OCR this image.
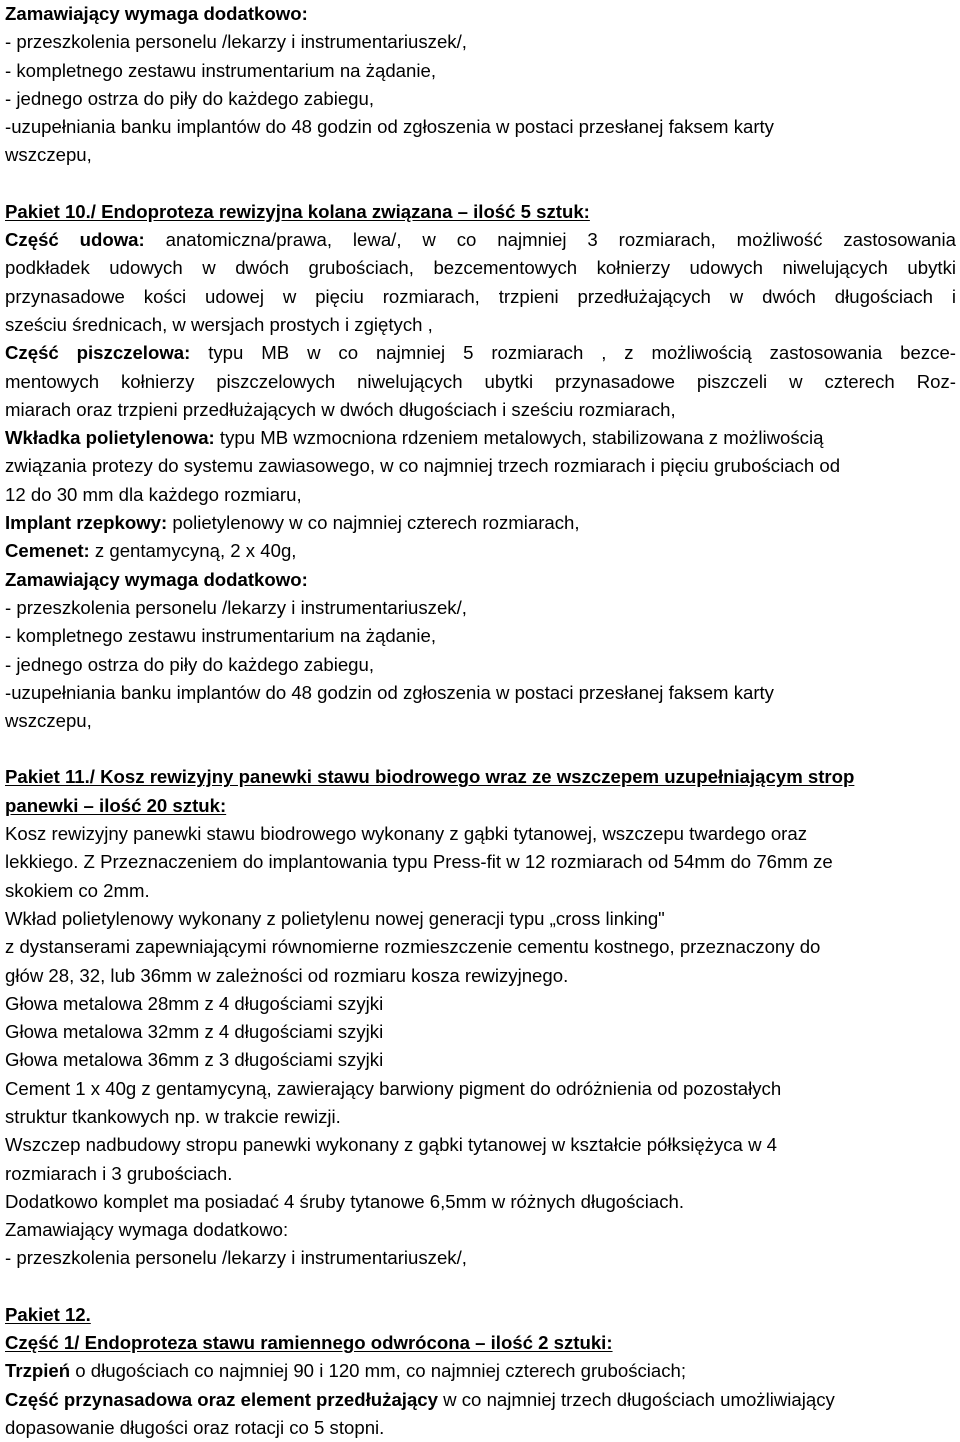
Zamawiający wymaga dodatkowo:

- przeszkolenia personelu /lekarzy i instrumentariuszek/,

- kompletnego zestawu instrumentarium na żądanie,

- jednego ostrza do piły do każdego zabiegu,

-uzupełniania banku implantów do 48 godzin od zgłoszenia w postaci przesłanej faksem karty

wszczepu,

Pakiet 10./ Endoproteza rewizyjna kolana związana – ilość 5 sztuk:

Część udowa: anatomiczna/prawa, lewa/, w co najmniej 3 rozmiarach, możliwość zastosowania

podkładek udowych w dwóch grubościach, bezcementowych kołnierzy udowych niwelujących ubytki

przynasadowe kości udowej w pięciu rozmiarach, trzpieni przedłużających w dwóch długościach i

sześciu średnicach, w wersjach prostych i zgiętych ,

Część piszczelowa: typu MB w co najmniej 5 rozmiarach , z możliwością zastosowania bezce-

mentowych kołnierzy piszczelowych niwelujących ubytki przynasadowe piszczeli w czterech Roz-

miarach oraz trzpieni przedłużających w dwóch długościach i sześciu rozmiarach,

Wkładka polietylenowa: typu MB wzmocniona rdzeniem metalowych, stabilizowana z możliwością

związania protezy do systemu zawiasowego, w co najmniej trzech rozmiarach i pięciu grubościach od

12 do 30 mm dla każdego rozmiaru,

Implant rzepkowy: polietylenowy w co najmniej czterech rozmiarach,

Cemenet: z gentamycyną, 2 x 40g,

Zamawiający wymaga dodatkowo:

- przeszkolenia personelu /lekarzy i instrumentariuszek/,

- kompletnego zestawu instrumentarium na żądanie,

- jednego ostrza do piły do każdego zabiegu,

-uzupełniania banku implantów do 48 godzin od zgłoszenia w postaci przesłanej faksem karty

wszczepu,

Pakiet 11./ Kosz rewizyjny panewki stawu biodrowego wraz ze wszczepem uzupełniającym strop

panewki – ilość 20 sztuk:

Kosz rewizyjny panewki stawu biodrowego wykonany z gąbki tytanowej, wszczepu twardego oraz

lekkiego. Z Przeznaczeniem do implantowania typu Press-fit w 12 rozmiarach od 54mm do 76mm ze

skokiem co 2mm.

Wkład polietylenowy wykonany z polietylenu nowej generacji typu „cross linking"

z dystanserami zapewniającymi równomierne rozmieszczenie cementu kostnego, przeznaczony do

głów 28, 32, lub 36mm w zależności od rozmiaru kosza rewizyjnego.

Głowa metalowa 28mm z 4 długościami szyjki

Głowa metalowa 32mm z 4 długościami szyjki

Głowa metalowa 36mm z 3 długościami szyjki

Cement 1 x 40g z gentamycyną, zawierający barwiony pigment do odróżnienia od pozostałych

struktur tkankowych np. w trakcie rewizji.

Wszczep nadbudowy stropu panewki wykonany z gąbki tytanowej w kształcie półksiężyca w 4

rozmiarach i 3 grubościach.

Dodatkowo komplet ma posiadać 4 śruby tytanowe 6,5mm w różnych długościach.

Zamawiający wymaga dodatkowo:

- przeszkolenia personelu /lekarzy i instrumentariuszek/,

Pakiet 12.

Część 1/ Endoproteza stawu ramiennego odwrócona – ilość 2 sztuki:

Trzpień o długościach co najmniej 90 i 120 mm, co najmniej czterech grubościach;

Część przynasadowa oraz element przedłużający w co najmniej trzech długościach umożliwiający

dopasowanie długości oraz rotacji co 5 stopni.
